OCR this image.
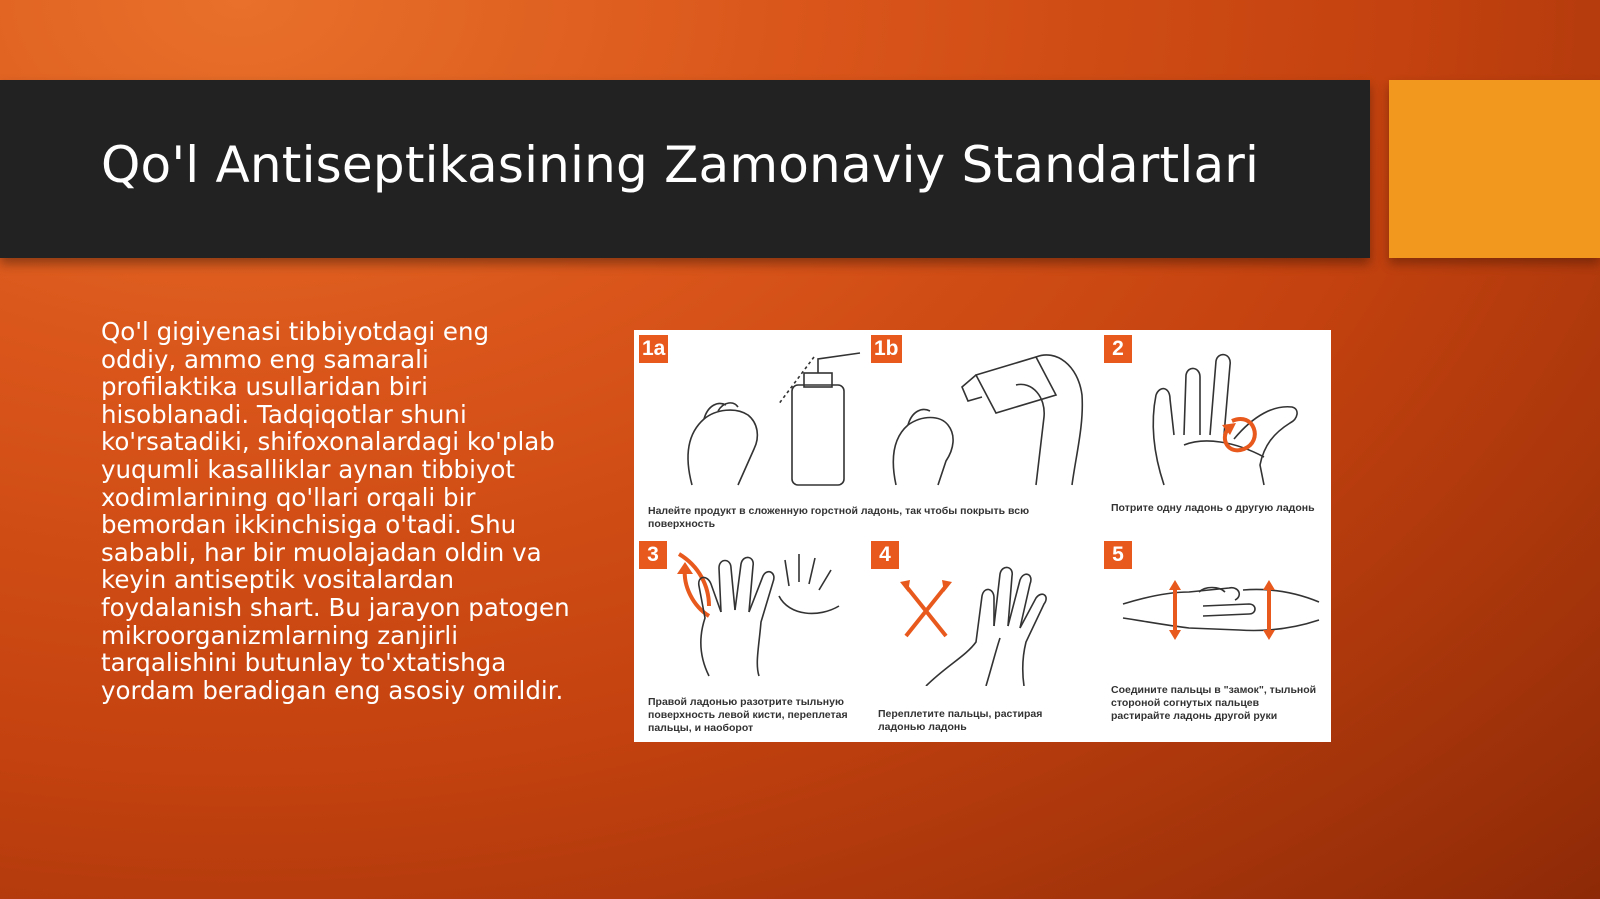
Qo'l Antiseptikasining Zamonaviy Standartlari

Qo'l gigiyenasi tibbiyotdagi eng oddiy, ammo eng samarali profilaktika usullaridan biri hisoblanadi. Tadqiqotlar shuni ko'rsatadiki, shifoxonalardagi ko'plab yuqumli kasalliklar aynan tibbiyot xodimlarining qo'llari orqali bir bemordan ikkinchisiga o'tadi. Shu sababli, har bir muolajadan oldin va keyin antiseptik vositalardan foydalanish shart. Bu jarayon patogen mikroorganizmlarning zanjirli tarqalishini butunlay to'xtatishga yordam beradigan eng asosiy omildir.

1a	1b	2
Потрите одну ладонь о другую ладонь
Налейте продукт в сложенную горстной ладонь, так чтобы покрыть всю поверхность
3
Правой ладонью разотрите тыльную поверхность левой кисти, переплетая пальцы, и наоборот
4
Переплетите пальцы, растирая ладонью ладонь
5
Соедините пальцы в "замок", тыльной стороной согнутых пальцев растирайте ладонь другой руки
